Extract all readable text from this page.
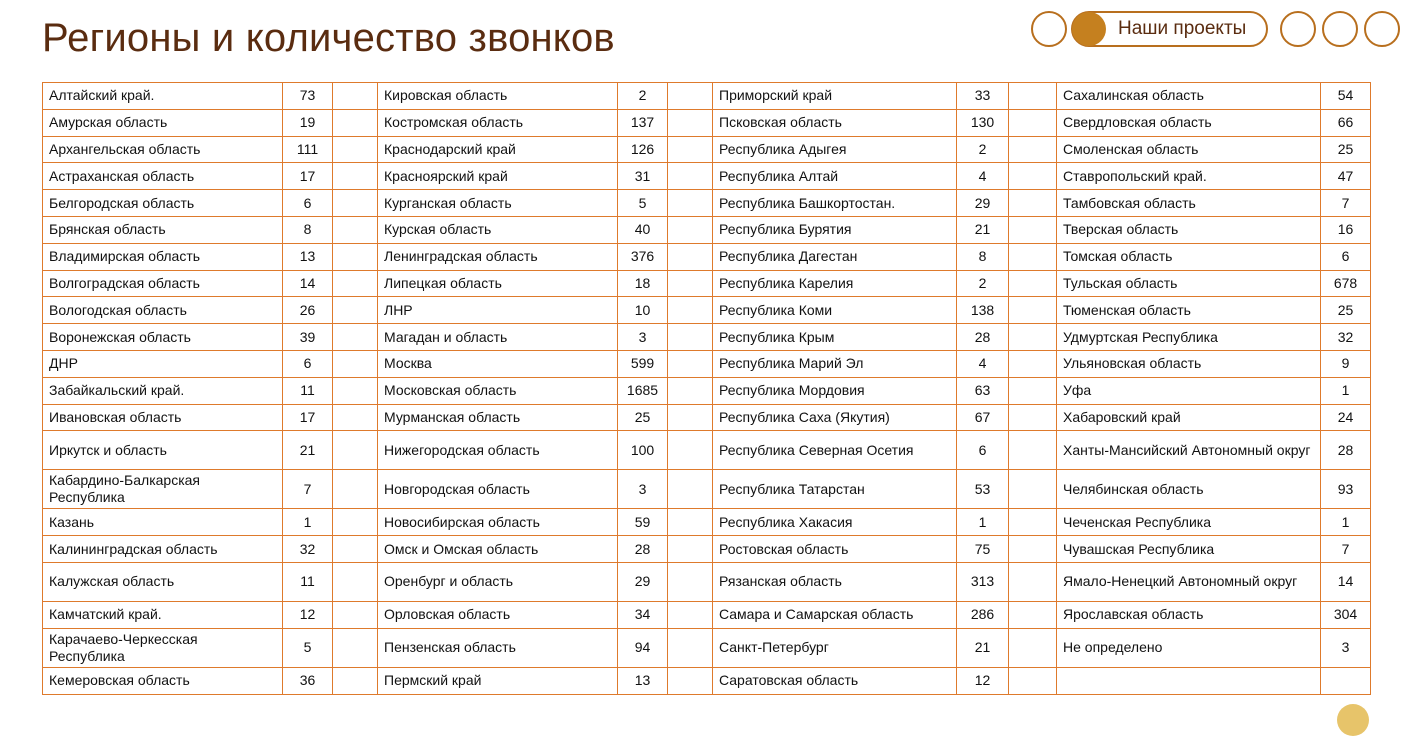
Регионы и количество звонков	Наши проекты
Алтайский край.	73		Кировская область	2		Приморский край	33		Сахалинская область	54
Амурская область	19		Костромская область	137		Псковская область	130		Свердловская область	66
Архангельская область	111		Краснодарский край	126		Республика Адыгея	2		Смоленская область	25
Астраханская область	17		Красноярский край	31		Республика Алтай	4		Ставропольский край.	47
Белгородская область	6		Курганская область	5		Республика Башкортостан.	29		Тамбовская область	7
Брянская область	8		Курская область	40		Республика Бурятия	21		Тверская область	16
Владимирская область	13		Ленинградская область	376		Республика Дагестан	8		Томская область	6
Волгоградская область	14		Липецкая область	18		Республика Карелия	2		Тульская область	678
Вологодская область	26		ЛНР	10		Республика Коми	138		Тюменская область	25
Воронежская область	39		Магадан и область	3		Республика Крым	28		Удмуртская Республика	32
ДНР	6		Москва	599		Республика Марий Эл	4		Ульяновская область	9
Забайкальский край.	11		Московская область	1685		Республика Мордовия	63		Уфа	1
Ивановская область	17		Мурманская область	25		Республика Саха (Якутия)	67		Хабаровский край	24
Иркутск и область	21		Нижегородская область	100		Республика Северная Осетия	6		Ханты-Мансийский Автономный округ	28
Кабардино-Балкарская Республика	7		Новгородская область	3		Республика Татарстан	53		Челябинская область	93
Казань	1		Новосибирская область	59		Республика Хакасия	1		Чеченская Республика	1
Калининградская область	32		Омск и Омская область	28		Ростовская область	75		Чувашская Республика	7
Калужская область	11		Оренбург и область	29		Рязанская область	313		Ямало-Ненецкий Автономный округ	14
Камчатский край.	12		Орловская область	34		Самара и Самарская область	286		Ярославская область	304
Карачаево-Черкесская Республика	5		Пензенская область	94		Санкт-Петербург	21		Не определено	3
Кемеровская область	36		Пермский край	13		Саратовская область	12			
